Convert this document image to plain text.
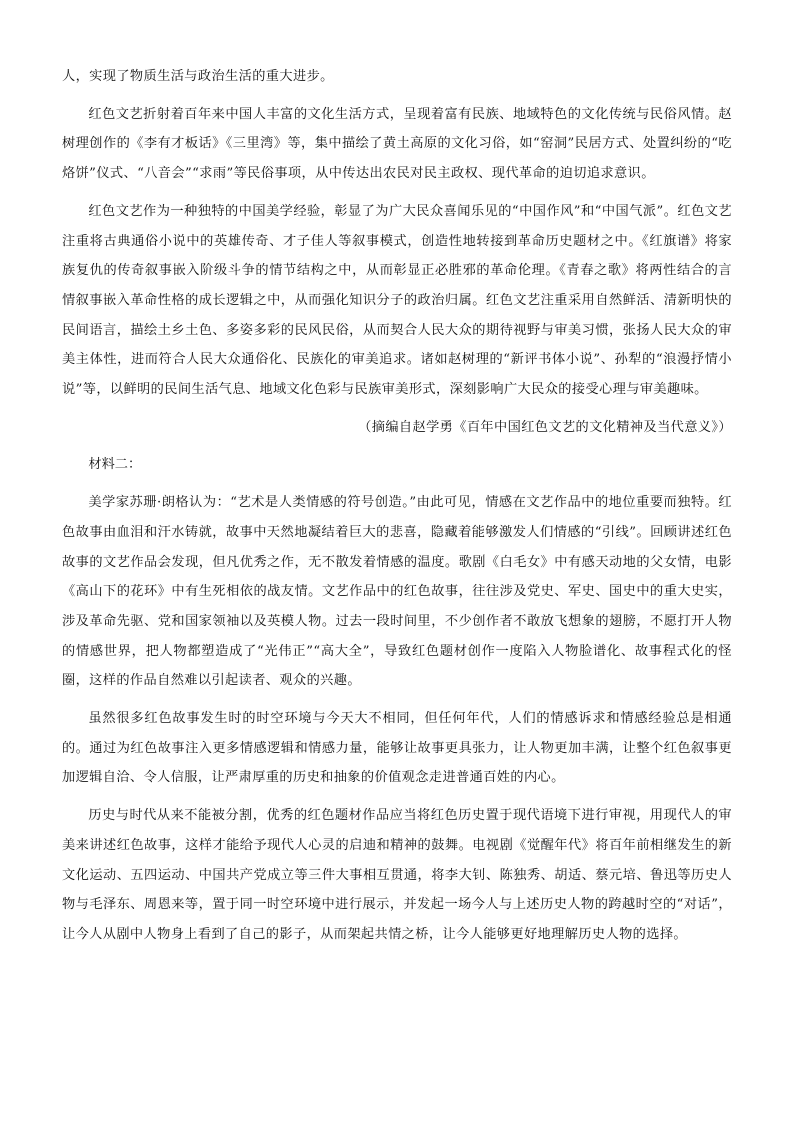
人，实现了物质生活与政治生活的重大进步。

红色文艺折射着百年来中国人丰富的文化生活方式，呈现着富有民族、地域特色的文化传统与民俗风情。赵树理创作的《李有才板话》《三里湾》等，集中描绘了黄土高原的文化习俗，如“窑洞”民居方式、处置纠纷的“吃烙饼”仪式、“八音会”“求雨”等民俗事项，从中传达出农民对民主政权、现代革命的迫切追求意识。

红色文艺作为一种独特的中国美学经验，彰显了为广大民众喜闻乐见的“中国作风”和“中国气派”。红色文艺注重将古典通俗小说中的英雄传奇、才子佳人等叙事模式，创造性地转接到革命历史题材之中。《红旗谱》将家族复仇的传奇叙事嵌入阶级斗争的情节结构之中，从而彰显正必胜邪的革命伦理。《青春之歌》将两性结合的言情叙事嵌入革命性格的成长逻辑之中，从而强化知识分子的政治归属。红色文艺注重采用自然鲜活、清新明快的民间语言，描绘土乡土色、多姿多彩的民风民俗，从而契合人民大众的期待视野与审美习惯，张扬人民大众的审美主体性，进而符合人民大众通俗化、民族化的审美追求。诸如赵树理的“新评书体小说”、孙犁的“浪漫抒情小说”等，以鲜明的民间生活气息、地域文化色彩与民族审美形式，深刻影响广大民众的接受心理与审美趣味。

（摘编自赵学勇《百年中国红色文艺的文化精神及当代意义》）

材料二：

美学家苏珊·朗格认为：“艺术是人类情感的符号创造。”由此可见，情感在文艺作品中的地位重要而独特。红色故事由血泪和汗水铸就，故事中天然地凝结着巨大的悲喜，隐藏着能够激发人们情感的“引线”。回顾讲述红色故事的文艺作品会发现，但凡优秀之作，无不散发着情感的温度。歌剧《白毛女》中有感天动地的父女情，电影《高山下的花环》中有生死相依的战友情。文艺作品中的红色故事，往往涉及党史、军史、国史中的重大史实，涉及革命先驱、党和国家领袖以及英模人物。过去一段时间里，不少创作者不敢放飞想象的翅膀，不愿打开人物的情感世界，把人物都塑造成了“光伟正”“高大全”，导致红色题材创作一度陷入人物脸谱化、故事程式化的怪圈，这样的作品自然难以引起读者、观众的兴趣。

虽然很多红色故事发生时的时空环境与今天大不相同，但任何年代，人们的情感诉求和情感经验总是相通的。通过为红色故事注入更多情感逻辑和情感力量，能够让故事更具张力，让人物更加丰满，让整个红色叙事更加逻辑自洽、令人信服，让严肃厚重的历史和抽象的价值观念走进普通百姓的内心。

历史与时代从来不能被分割，优秀的红色题材作品应当将红色历史置于现代语境下进行审视，用现代人的审美来讲述红色故事，这样才能给予现代人心灵的启迪和精神的鼓舞。电视剧《觉醒年代》将百年前相继发生的新文化运动、五四运动、中国共产党成立等三件大事相互贯通，将李大钊、陈独秀、胡适、蔡元培、鲁迅等历史人物与毛泽东、周恩来等，置于同一时空环境中进行展示，并发起一场今人与上述历史人物的跨越时空的“对话”，让今人从剧中人物身上看到了自己的影子，从而架起共情之桥，让今人能够更好地理解历史人物的选择。
